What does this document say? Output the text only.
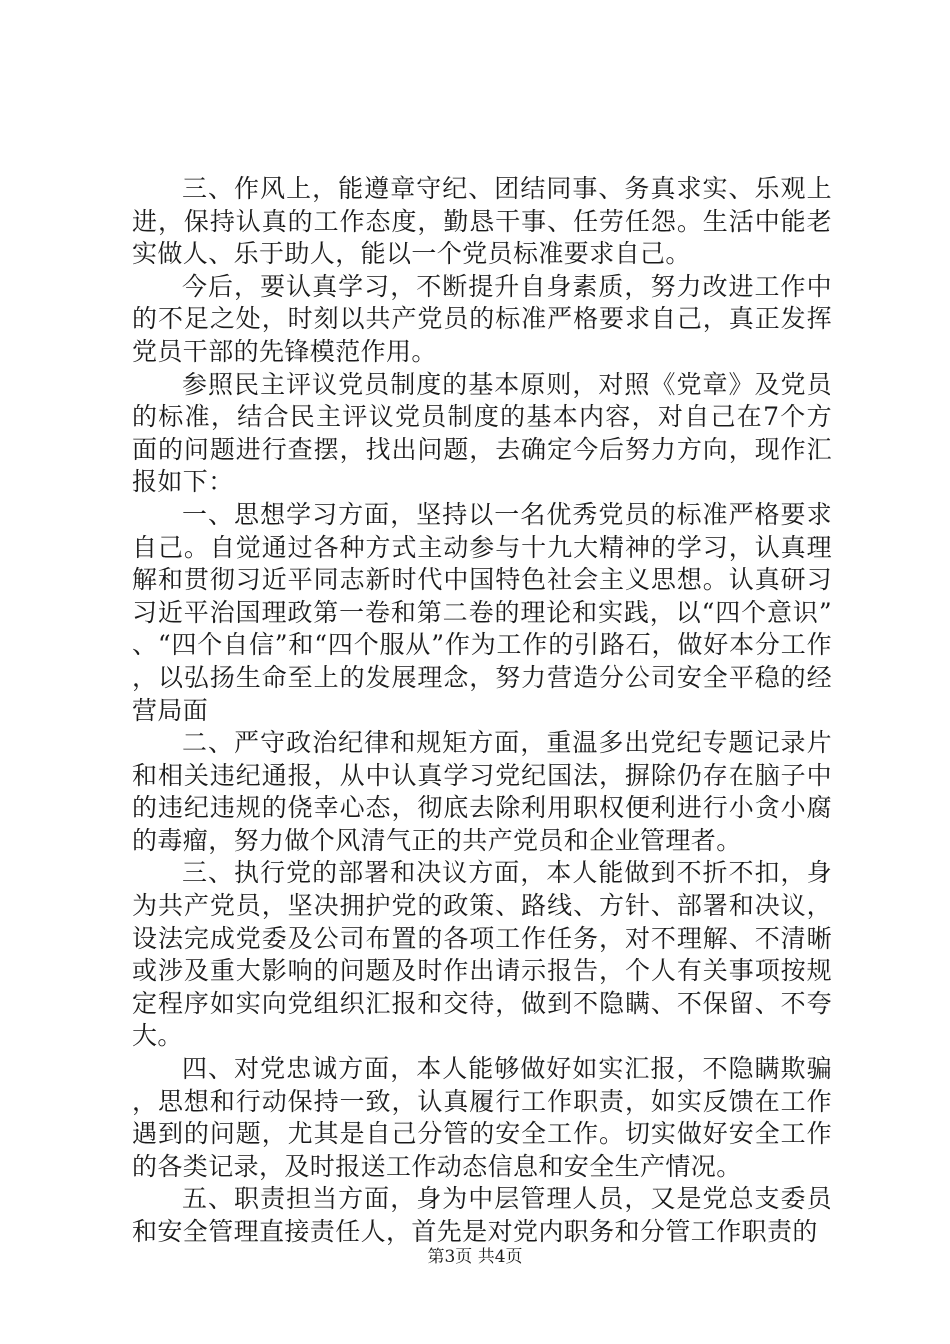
三、作风上，能遵章守纪、团结同事、务真求实、乐观上进，保持认真的工作态度，勤恳干事、任劳任怨。生活中能老实做人、乐于助人，能以一个党员标准要求自己。

今后，要认真学习，不断提升自身素质，努力改进工作中的不足之处，时刻以共产党员的标准严格要求自己，真正发挥党员干部的先锋模范作用。

参照民主评议党员制度的基本原则，对照《党章》及党员的标准，结合民主评议党员制度的基本内容，对自己在7个方面的问题进行查摆，找出问题，去确定今后努力方向，现作汇报如下：

一、思想学习方面，坚持以一名优秀党员的标准严格要求自己。自觉通过各种方式主动参与十九大精神的学习，认真理解和贯彻习近平同志新时代中国特色社会主义思想。认真研习习近平治国理政第一卷和第二卷的理论和实践，以“四个意识”、“四个自信”和“四个服从”作为工作的引路石，做好本分工作，以弘扬生命至上的发展理念，努力营造分公司安全平稳的经营局面

二、严守政治纪律和规矩方面，重温多出党纪专题记录片和相关违纪通报，从中认真学习党纪国法，摒除仍存在脑子中的违纪违规的侥幸心态，彻底去除利用职权便利进行小贪小腐的毒瘤，努力做个风清气正的共产党员和企业管理者。

三、执行党的部署和决议方面，本人能做到不折不扣，身为共产党员，坚决拥护党的政策、路线、方针、部署和决议，设法完成党委及公司布置的各项工作任务，对不理解、不清晰或涉及重大影响的问题及时作出请示报告，个人有关事项按规定程序如实向党组织汇报和交待，做到不隐瞒、不保留、不夸大。

四、对党忠诚方面，本人能够做好如实汇报，不隐瞒欺骗，思想和行动保持一致，认真履行工作职责，如实反馈在工作遇到的问题，尤其是自己分管的安全工作。切实做好安全工作的各类记录，及时报送工作动态信息和安全生产情况。

五、职责担当方面，身为中层管理人员，又是党总支委员和安全管理直接责任人，首先是对党内职务和分管工作职责的

第3页 共4页
